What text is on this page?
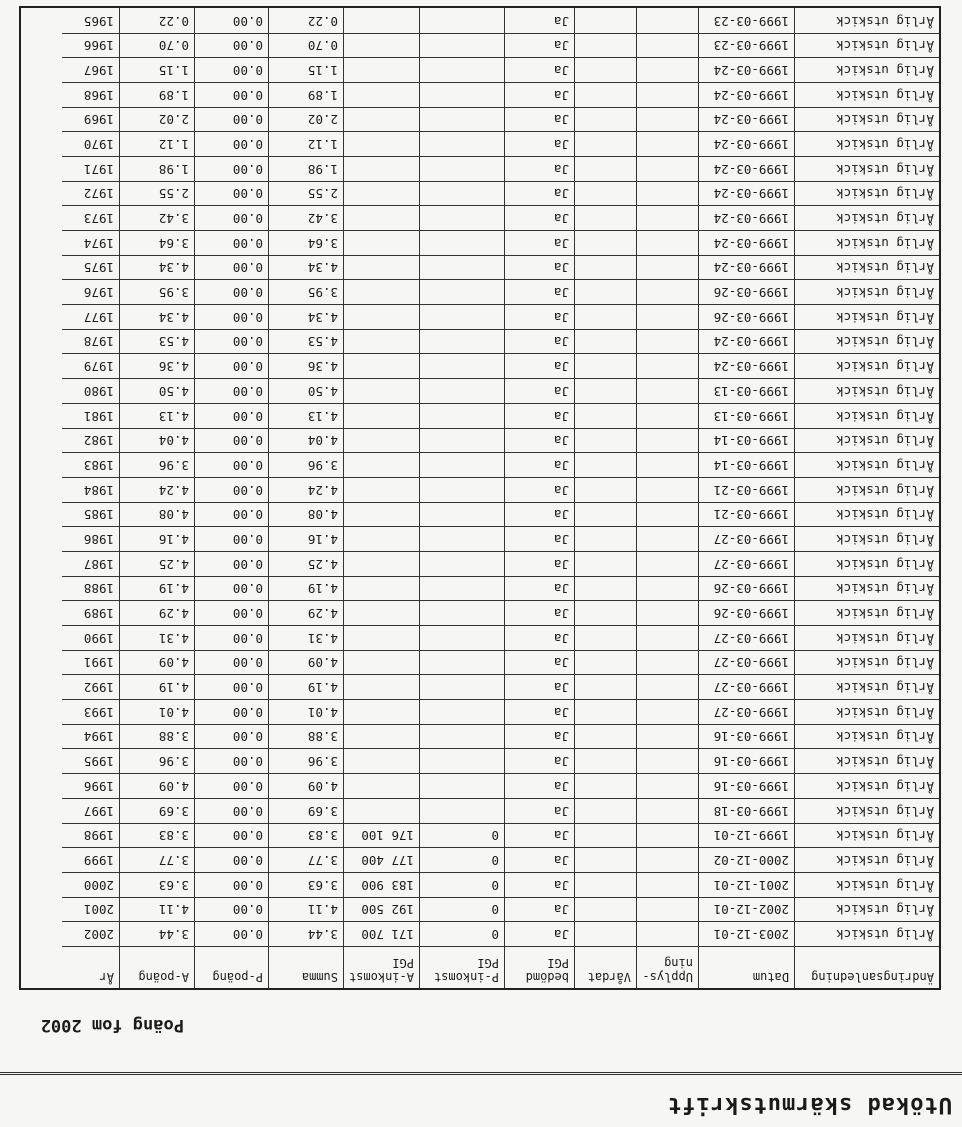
Utökad skärmutskrift
Poäng fom 2002
Ändringsanledning
Datum
Upplys-
ning
Vårdat
bedömd
PGI
P-inkomst
PGI
A-inkomst
PGI
Summa
P-poäng
A-poäng
År
Årlig utskick
2003-12-01
Ja
0
171 700
3.44
0.00
3.44
2002
Årlig utskick
2002-12-01
Ja
0
192 500
4.11
0.00
4.11
2001
Årlig utskick
2001-12-01
Ja
0
183 900
3.63
0.00
3.63
2000
Årlig utskick
2000-12-02
Ja
0
177 400
3.77
0.00
3.77
1999
Årlig utskick
1999-12-01
Ja
0
176 100
3.83
0.00
3.83
1998
Årlig utskick
1999-03-18
Ja
3.69
0.00
3.69
1997
Årlig utskick
1999-03-16
Ja
4.09
0.00
4.09
1996
Årlig utskick
1999-03-16
Ja
3.96
0.00
3.96
1995
Årlig utskick
1999-03-16
Ja
3.88
0.00
3.88
1994
Årlig utskick
1999-03-27
Ja
4.01
0.00
4.01
1993
Årlig utskick
1999-03-27
Ja
4.19
0.00
4.19
1992
Årlig utskick
1999-03-27
Ja
4.09
0.00
4.09
1991
Årlig utskick
1999-03-27
Ja
4.31
0.00
4.31
1990
Årlig utskick
1999-03-26
Ja
4.29
0.00
4.29
1989
Årlig utskick
1999-03-26
Ja
4.19
0.00
4.19
1988
Årlig utskick
1999-03-27
Ja
4.25
0.00
4.25
1987
Årlig utskick
1999-03-27
Ja
4.16
0.00
4.16
1986
Årlig utskick
1999-03-21
Ja
4.08
0.00
4.08
1985
Årlig utskick
1999-03-21
Ja
4.24
0.00
4.24
1984
Årlig utskick
1999-03-14
Ja
3.96
0.00
3.96
1983
Årlig utskick
1999-03-14
Ja
4.04
0.00
4.04
1982
Årlig utskick
1999-03-13
Ja
4.13
0.00
4.13
1981
Årlig utskick
1999-03-13
Ja
4.50
0.00
4.50
1980
Årlig utskick
1999-03-24
Ja
4.36
0.00
4.36
1979
Årlig utskick
1999-03-24
Ja
4.53
0.00
4.53
1978
Årlig utskick
1999-03-26
Ja
4.34
0.00
4.34
1977
Årlig utskick
1999-03-26
Ja
3.95
0.00
3.95
1976
Årlig utskick
1999-03-24
Ja
4.34
0.00
4.34
1975
Årlig utskick
1999-03-24
Ja
3.64
0.00
3.64
1974
Årlig utskick
1999-03-24
Ja
3.42
0.00
3.42
1973
Årlig utskick
1999-03-24
Ja
2.55
0.00
2.55
1972
Årlig utskick
1999-03-24
Ja
1.98
0.00
1.98
1971
Årlig utskick
1999-03-24
Ja
1.12
0.00
1.12
1970
Årlig utskick
1999-03-24
Ja
2.02
0.00
2.02
1969
Årlig utskick
1999-03-24
Ja
1.89
0.00
1.89
1968
Årlig utskick
1999-03-24
Ja
1.15
0.00
1.15
1967
Årlig utskick
1999-03-23
Ja
0.70
0.00
0.70
1966
Årlig utskick
1999-03-23
Ja
0.22
0.00
0.22
1965
